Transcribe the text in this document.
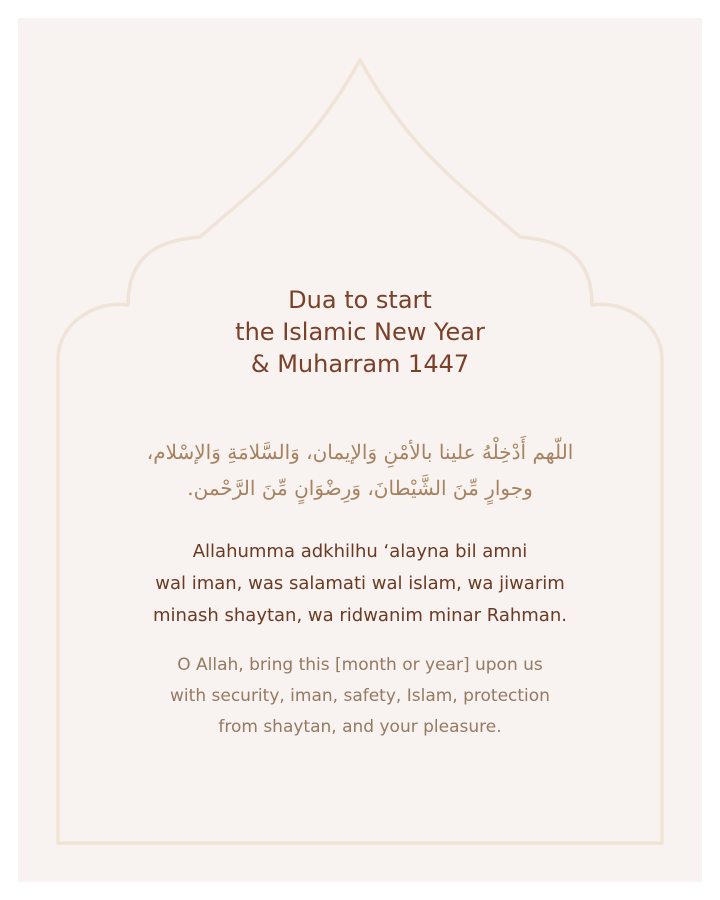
Dua to start
the Islamic New Year
& Muharram 1447
اللّهم أَدْخِلْهُ علينا بالأمْنِ وَالإيمان، وَالسَّلامَةِ وَالإسْلام،
وجوارٍ مِّنَ الشَّيْطانَ، وَرِضْوَانٍ مِّنَ الرَّحْمن.
Allahumma adkhilhu ‘alayna bil amni
wal iman, was salamati wal islam, wa jiwarim
minash shaytan, wa ridwanim minar Rahman.
O Allah, bring this [month or year] upon us
with security, iman, safety, Islam, protection
from shaytan, and your pleasure.
